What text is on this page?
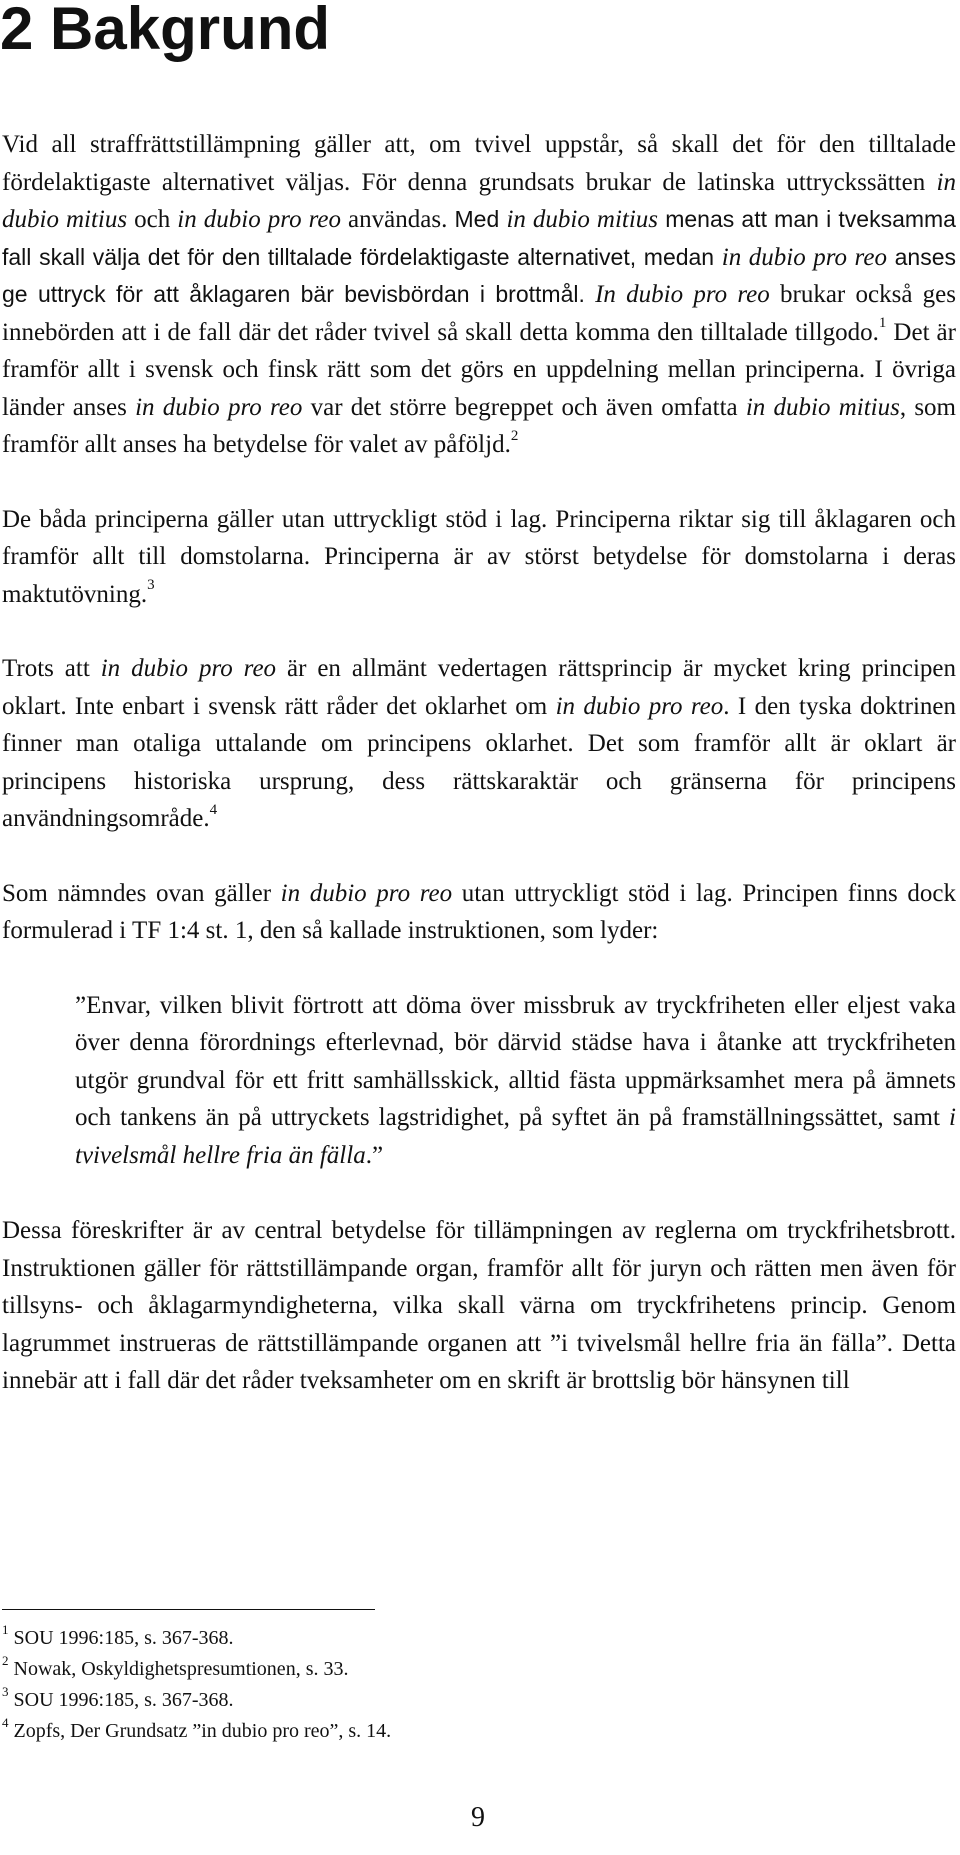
2 Bakgrund

Vid all straffrättstillämpning gäller att, om tvivel uppstår, så skall det för den tilltalade fördelaktigaste alternativet väljas. För denna grundsats brukar de latinska uttryckssätten in dubio mitius och in dubio pro reo användas. Med in dubio mitius menas att man i tveksamma fall skall välja det för den tilltalade fördelaktigaste alternativet, medan in dubio pro reo anses ge uttryck för att åklagaren bär bevisbördan i brottmål. In dubio pro reo brukar också ges innebörden att i de fall där det råder tvivel så skall detta komma den tilltalade tillgodo.$^1$ Det är framför allt i svensk och finsk rätt som det görs en uppdelning mellan principerna. I övriga länder anses in dubio pro reo var det större begreppet och även omfatta in dubio mitius, som framför allt anses ha betydelse för valet av påföljd.$^2$

De båda principerna gäller utan uttryckligt stöd i lag. Principerna riktar sig till åklagaren och framför allt till domstolarna. Principerna är av störst betydelse för domstolarna i deras maktutövning.$^3$

Trots att in dubio pro reo är en allmänt vedertagen rättsprincip är mycket kring principen oklart. Inte enbart i svensk rätt råder det oklarhet om in dubio pro reo. I den tyska doktrinen finner man otaliga uttalande om principens oklarhet. Det som framför allt är oklart är principens historiska ursprung, dess rättskaraktär och gränserna för principens användningsområde.$^4$

Som nämndes ovan gäller in dubio pro reo utan uttryckligt stöd i lag. Principen finns dock formulerad i TF 1:4 st. 1, den så kallade instruktionen, som lyder:

”Envar, vilken blivit förtrott att döma över missbruk av tryckfriheten eller eljest vaka över denna förordnings efterlevnad, bör därvid städse hava i åtanke att tryckfriheten utgör grundval för ett fritt samhällsskick, alltid fästa uppmärksamhet mera på ämnets och tankens än på uttryckets lagstridighet, på syftet än på framställningssättet, samt i tvivelsmål hellre fria än fälla.”

Dessa föreskrifter är av central betydelse för tillämpningen av reglerna om tryckfrihetsbrott. Instruktionen gäller för rättstillämpande organ, framför allt för juryn och rätten men även för tillsyns- och åklagarmyndigheterna, vilka skall värna om tryckfrihetens princip. Genom lagrummet instrueras de rättstillämpande organen att ”i tvivelsmål hellre fria än fälla”. Detta innebär att i fall där det råder tveksamheter om en skrift är brottslig bör hänsynen till

$^1$ SOU 1996:185, s. 367-368.
$^2$ Nowak, Oskyldighetspresumtionen, s. 33.
$^3$ SOU 1996:185, s. 367-368.
$^4$ Zopfs, Der Grundsatz ”in dubio pro reo”, s. 14.
9
